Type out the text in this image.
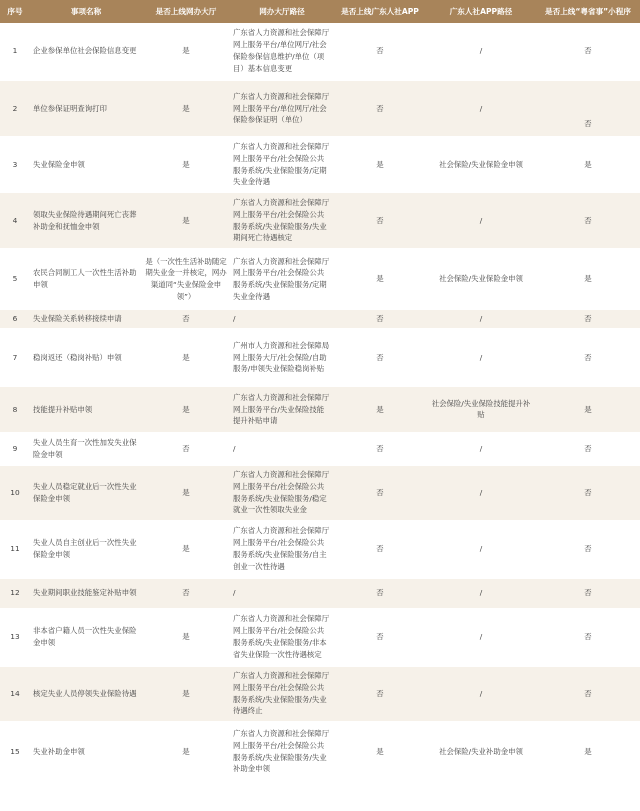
序号	事项名称	是否上线网办大厅	网办大厅路径	是否上线广东人社APP	广东人社APP路径	是否上线“粤省事”小程序
1	企业参保单位社会保险信息变更	是	广东省人力资源和社会保障厅网上服务平台/单位网厅/社会保险参保信息维护/单位（项目）基本信息变更	否	/	否
2	单位参保证明查询打印	是	广东省人力资源和社会保障厅网上服务平台/单位网厅/社会保险参保证明（单位）	否	/	否
3	失业保险金申领	是	广东省人力资源和社会保障厅网上服务平台/社会保险公共服务系统/失业保险服务/定期失业金待遇	是	社会保险/失业保险金申领	是
4	领取失业保险待遇期间死亡丧葬补助金和抚恤金申领	是	广东省人力资源和社会保障厅网上服务平台/社会保险公共服务系统/失业保险服务/失业期间死亡待遇核定	否	/	否
5	农民合同制工人一次性生活补助申领	是（一次性生活补助随定期失业金一并核定，网办渠道同“失业保险金申领”）	广东省人力资源和社会保障厅网上服务平台/社会保险公共服务系统/失业保险服务/定期失业金待遇	是	社会保险/失业保险金申领	是
6	失业保险关系转移接续申请	否	/	否	/	否
7	稳岗返还（稳岗补贴）申领	是	广州市人力资源和社会保障局网上服务大厅/社会保险/自助服务/申领失业保险稳岗补贴	否	/	否
8	技能提升补贴申领	是	广东省人力资源和社会保障厅网上服务平台/失业保险技能提升补贴申请	是	社会保险/失业保险技能提升补贴	是
9	失业人员生育一次性加发失业保险金申领	否	/	否	/	否
10	失业人员稳定就业后一次性失业保险金申领	是	广东省人力资源和社会保障厅网上服务平台/社会保险公共服务系统/失业保险服务/稳定就业一次性领取失业金	否	/	否
11	失业人员自主创业后一次性失业保险金申领	是	广东省人力资源和社会保障厅网上服务平台/社会保险公共服务系统/失业保险服务/自主创业一次性待遇	否	/	否
12	失业期间职业技能鉴定补贴申领	否	/	否	/	否
13	非本省户籍人员一次性失业保险金申领	是	广东省人力资源和社会保障厅网上服务平台/社会保险公共服务系统/失业保险服务/非本省失业保险一次性待遇核定	否	/	否
14	核定失业人员停领失业保险待遇	是	广东省人力资源和社会保障厅网上服务平台/社会保险公共服务系统/失业保险服务/失业待遇终止	否	/	否
15	失业补助金申领	是	广东省人力资源和社会保障厅网上服务平台/社会保险公共服务系统/失业保险服务/失业补助金申领	是	社会保险/失业补助金申领	是
